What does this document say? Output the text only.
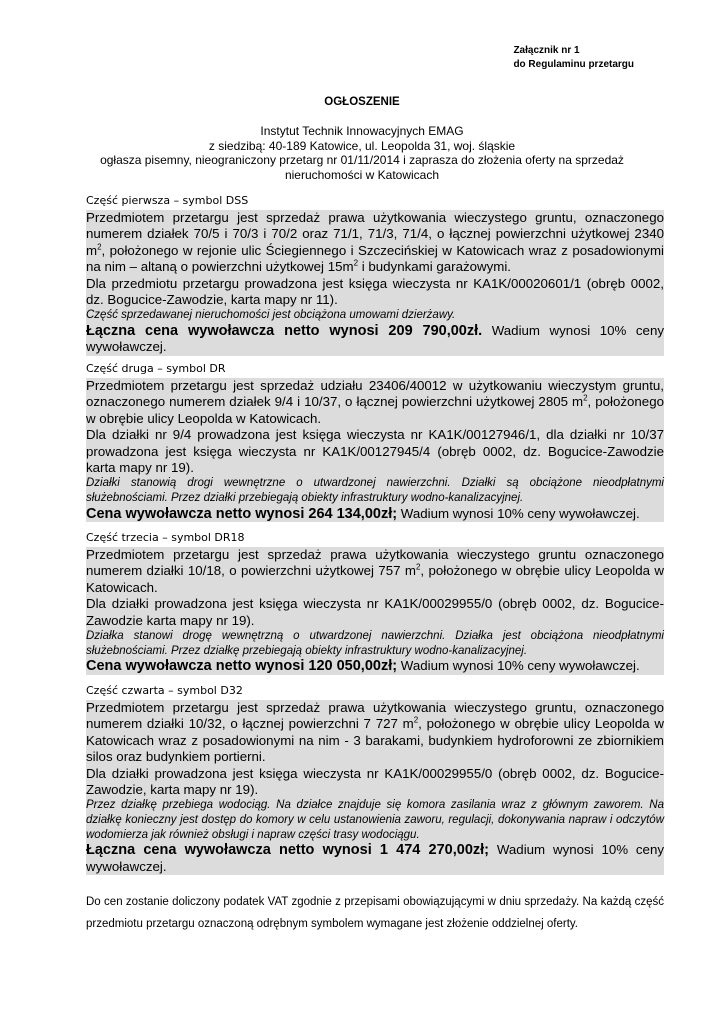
Załącznik nr 1
do Regulaminu przetargu
OGŁOSZENIE
Instytut Technik Innowacyjnych EMAG
z siedzibą: 40-189 Katowice, ul. Leopolda 31, woj. śląskie
ogłasza pisemny, nieograniczony przetarg nr 01/11/2014 i zaprasza do złożenia oferty na sprzedaż
nieruchomości w Katowicach
Część pierwsza – symbol DSS

Przedmiotem przetargu jest sprzedaż prawa użytkowania wieczystego gruntu, oznaczonego numerem działek 70/5 i 70/3 i 70/2 oraz 71/1, 71/3, 71/4, o łącznej powierzchni użytkowej 2340 $m^2$, położonego w rejonie ulic Ściegiennego i Szczecińskiej w Katowicach wraz z posadowionymi na nim – altaną o powierzchni użytkowej $15m^2$ i budynkami garażowymi.

Dla przedmiotu przetargu prowadzona jest księga wieczysta nr KA1K/00020601/1 (obręb 0002, dz. Bogucice-Zawodzie, karta mapy nr 11).

Część sprzedawanej nieruchomości jest obciążona umowami dzierżawy.

Łączna cena wywoławcza netto wynosi 209 790,00zł. Wadium wynosi 10% ceny wywoławczej.

Część druga – symbol DR

Przedmiotem przetargu jest sprzedaż udziału 23406/40012 w użytkowaniu wieczystym gruntu, oznaczonego numerem działek 9/4 i 10/37, o łącznej powierzchni użytkowej 2805 $m^2$, położonego w obrębie ulicy Leopolda w Katowicach.

Dla działki nr 9/4 prowadzona jest księga wieczysta nr KA1K/00127946/1, dla działki nr 10/37 prowadzona jest księga wieczysta nr KA1K/00127945/4 (obręb 0002, dz. Bogucice-Zawodzie karta mapy nr 19).

Działki stanowią drogi wewnętrzne o utwardzonej nawierzchni. Działki są obciążone nieodpłatnymi służebnościami. Przez działki przebiegają obiekty infrastruktury wodno-kanalizacyjnej.

Cena wywoławcza netto wynosi 264 134,00zł; Wadium wynosi 10% ceny wywoławczej.

Część trzecia – symbol DR18

Przedmiotem przetargu jest sprzedaż prawa użytkowania wieczystego gruntu oznaczonego numerem działki 10/18, o powierzchni użytkowej 757 $m^2$, położonego w obrębie ulicy Leopolda w Katowicach.

Dla działki prowadzona jest księga wieczysta nr KA1K/00029955/0 (obręb 0002, dz. Bogucice-Zawodzie karta mapy nr 19).

Działka stanowi drogę wewnętrzną o utwardzonej nawierzchni. Działka jest obciążona nieodpłatnymi służebnościami. Przez działkę przebiegają obiekty infrastruktury wodno-kanalizacyjnej.

Cena wywoławcza netto wynosi 120 050,00zł; Wadium wynosi 10% ceny wywoławczej.

Część czwarta – symbol D32

Przedmiotem przetargu jest sprzedaż prawa użytkowania wieczystego gruntu, oznaczonego numerem działki 10/32, o łącznej powierzchni 7 727 $m^2$, położonego w obrębie ulicy Leopolda w Katowicach wraz z posadowionymi na nim - 3 barakami, budynkiem hydroforowni ze zbiornikiem silos oraz budynkiem portierni.

Dla działki prowadzona jest księga wieczysta nr KA1K/00029955/0 (obręb 0002, dz. Bogucice-Zawodzie, karta mapy nr 19).

Przez działkę przebiega wodociąg. Na działce znajduje się komora zasilania wraz z głównym zaworem. Na działkę konieczny jest dostęp do komory w celu ustanowienia zaworu, regulacji, dokonywania napraw i odczytów wodomierza jak również obsługi i napraw części trasy wodociągu.

Łączna cena wywoławcza netto wynosi 1 474 270,00zł; Wadium wynosi 10% ceny wywoławczej.

Do cen zostanie doliczony podatek VAT zgodnie z przepisami obowiązującymi w dniu sprzedaży. Na każdą część przedmiotu przetargu oznaczoną odrębnym symbolem wymagane jest złożenie oddzielnej oferty.
